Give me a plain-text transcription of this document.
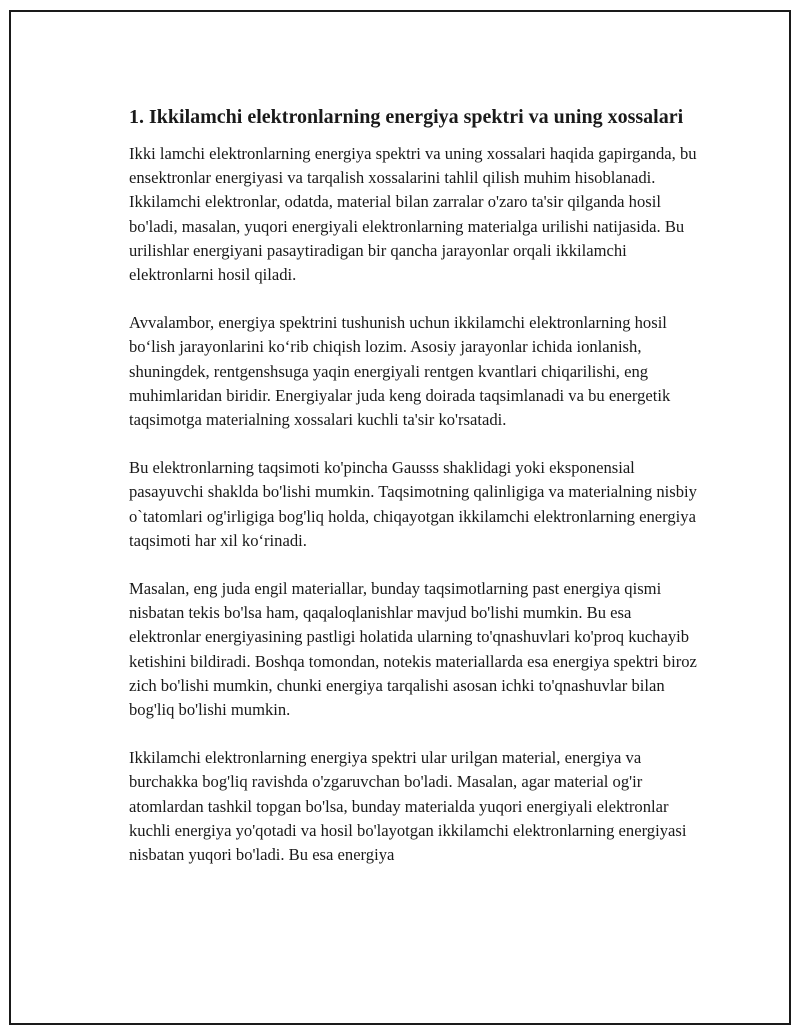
1. Ikkilamchi elektronlarning energiya spektri va uning xossalari

Ikki lamchi elektronlarning energiya spektri va uning xossalari haqida gapirganda, bu ensektronlar energiyasi va tarqalish xossalarini tahlil qilish muhim hisoblanadi. Ikkilamchi elektronlar, odatda, material bilan zarralar o'zaro ta'sir qilganda hosil bo'ladi, masalan, yuqori energiyali elektronlarning materialga urilishi natijasida. Bu urilishlar energiyani pasaytiradigan bir qancha jarayonlar orqali ikkilamchi elektronlarni hosil qiladi.

Avvalambor, energiya spektrini tushunish uchun ikkilamchi elektronlarning hosil bo‘lish jarayonlarini ko‘rib chiqish lozim. Asosiy jarayonlar ichida ionlanish, shuningdek, rentgenshsuga yaqin energiyali rentgen kvantlari chiqarilishi, eng muhimlaridan biridir. Energiyalar juda keng doirada taqsimlanadi va bu energetik taqsimotga materialning xossalari kuchli ta'sir ko'rsatadi.

Bu elektronlarning taqsimoti ko'pincha Gausss shaklidagi yoki eksponensial pasayuvchi shaklda bo'lishi mumkin. Taqsimotning qalinligiga va materialning nisbiy o`tatomlari og'irligiga bog'liq holda, chiqayotgan ikkilamchi elektronlarning energiya taqsimoti har xil ko‘rinadi.

Masalan, eng juda engil materiallar, bunday taqsimotlarning past energiya qismi nisbatan tekis bo'lsa ham, qaqaloqlanishlar mavjud bo'lishi mumkin. Bu esa elektronlar energiyasining pastligi holatida ularning to'qnashuvlari ko'proq kuchayib ketishini bildiradi. Boshqa tomondan, notekis materiallarda esa energiya spektri biroz zich bo'lishi mumkin, chunki energiya tarqalishi asosan ichki to'qnashuvlar bilan bog'liq bo'lishi mumkin.

Ikkilamchi elektronlarning energiya spektri ular urilgan material, energiya va burchakka bog'liq ravishda o'zgaruvchan bo'ladi. Masalan, agar material og'ir atomlardan tashkil topgan bo'lsa, bunday materialda yuqori energiyali elektronlar kuchli energiya yo'qotadi va hosil bo'layotgan ikkilamchi elektronlarning energiyasi nisbatan yuqori bo'ladi. Bu esa energiya
